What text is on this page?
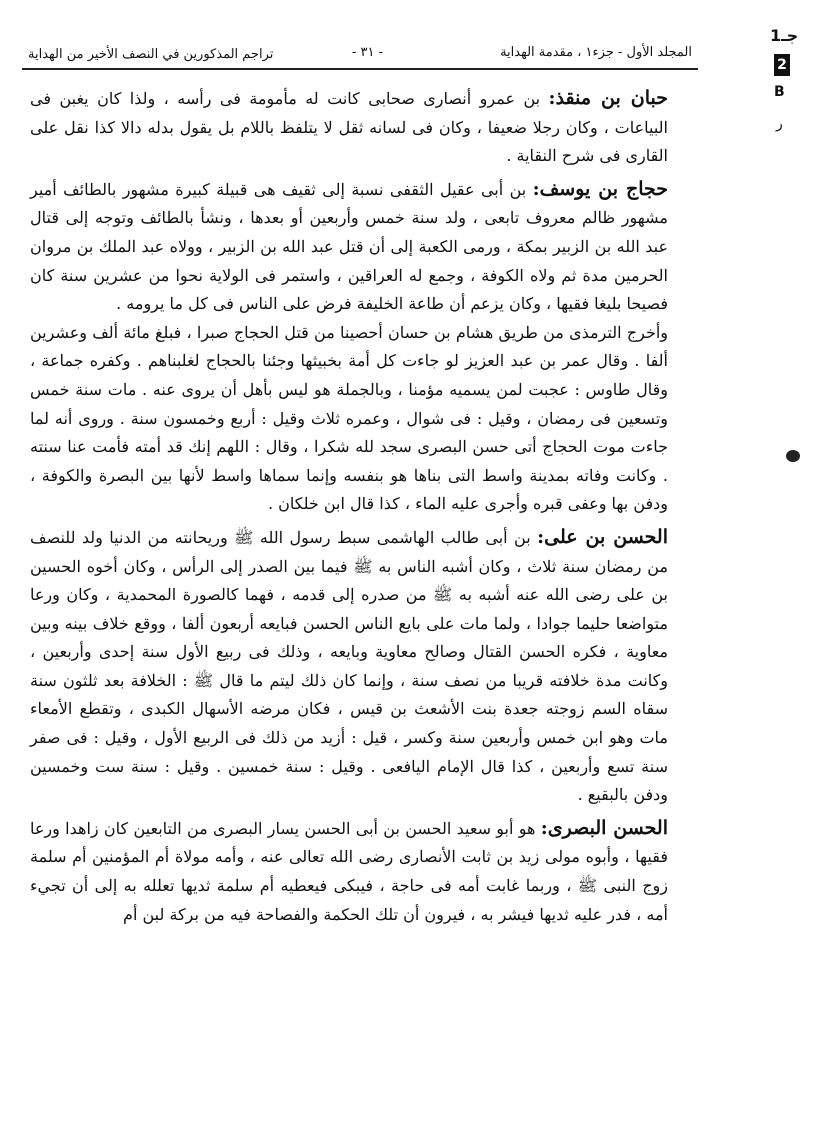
المجلد الأول - جزء١ ، مقدمة الهداية
- ٣١ -
تراجم المذكورين في النصف الأخير من الهداية
جـ1
2
B
ر

حبان بن منقذ: بن عمرو أنصارى صحابى كانت له مأمومة فى رأسه ، ولذا كان يغبن فى البياعات ، وكان رجلا ضعيفا ، وكان فى لسانه ثقل لا يتلفظ باللام بل يقول بدله دالا كذا نقل على القارى فى شرح النقاية .

حجاج بن يوسف: بن أبى عقيل الثقفى نسبة إلى ثقيف هى قبيلة كبيرة مشهور بالطائف أمير مشهور ظالم معروف تابعى ، ولد سنة خمس وأربعين أو بعدها ، ونشأ بالطائف وتوجه إلى قتال عبد الله بن الزبير بمكة ، ورمى الكعبة إلى أن قتل عبد الله بن الزبير ، وولاه عبد الملك بن مروان الحرمين مدة ثم ولاه الكوفة ، وجمع له العراقين ، واستمر فى الولاية نحوا من عشرين سنة كان فصيحا بليغا فقيها ، وكان يزعم أن طاعة الخليفة فرض على الناس فى كل ما يرومه .

وأخرج الترمذى من طريق هشام بن حسان أحصينا من قتل الحجاج صبرا ، فبلغ مائة ألف وعشرين ألفا . وقال عمر بن عبد العزيز لو جاءت كل أمة بخبيثها وجئنا بالحجاج لغلبناهم . وكفره جماعة ، وقال طاوس : عجبت لمن يسميه مؤمنا ، وبالجملة هو ليس بأهل أن يروى عنه . مات سنة خمس وتسعين فى رمضان ، وقيل : فى شوال ، وعمره ثلاث وقيل : أربع وخمسون سنة . وروى أنه لما جاءت موت الحجاج أتى حسن البصرى سجد لله شكرا ، وقال : اللهم إنك قد أمته فأمت عنا سنته . وكانت وفاته بمدينة واسط التى بناها هو بنفسه وإنما سماها واسط لأنها بين البصرة والكوفة ، ودفن بها وعفى قبره وأجرى عليه الماء ، كذا قال ابن خلكان .

الحسن بن على: بن أبى طالب الهاشمى سبط رسول الله ﷺ وريحانته من الدنيا ولد للنصف من رمضان سنة ثلاث ، وكان أشبه الناس به ﷺ فيما بين الصدر إلى الرأس ، وكان أخوه الحسين بن على رضى الله عنه أشبه به ﷺ من صدره إلى قدمه ، فهما كالصورة المحمدية ، وكان ورعا متواضعا حليما جوادا ، ولما مات على بايع الناس الحسن فبايعه أربعون ألفا ، ووقع خلاف بينه وبين معاوية ، فكره الحسن القتال وصالح معاوية وبايعه ، وذلك فى ربيع الأول سنة إحدى وأربعين ، وكانت مدة خلافته قريبا من نصف سنة ، وإنما كان ذلك ليتم ما قال ﷺ : الخلافة بعد ثلثون سنة سقاه السم زوجته جعدة بنت الأشعث بن قيس ، فكان مرضه الأسهال الكبدى ، وتقطع الأمعاء مات وهو ابن خمس وأربعين سنة وكسر ، قيل : أزيد من ذلك فى الربيع الأول ، وقيل : فى صفر سنة تسع وأربعين ، كذا قال الإمام اليافعى . وقيل : سنة خمسين . وقيل : سنة ست وخمسين ودفن بالبقيع .

الحسن البصرى: هو أبو سعيد الحسن بن أبى الحسن يسار البصرى من التابعين كان زاهدا ورعا فقيها ، وأبوه مولى زيد بن ثابت الأنصارى رضى الله تعالى عنه ، وأمه مولاة أم المؤمنين أم سلمة زوج النبى ﷺ ، وربما غابت أمه فى حاجة ، فيبكى فيعطيه أم سلمة ثديها تعلله به إلى أن تجيء أمه ، فدر عليه ثديها فيشر به ، فيرون أن تلك الحكمة والفصاحة فيه من بركة لبن أم
